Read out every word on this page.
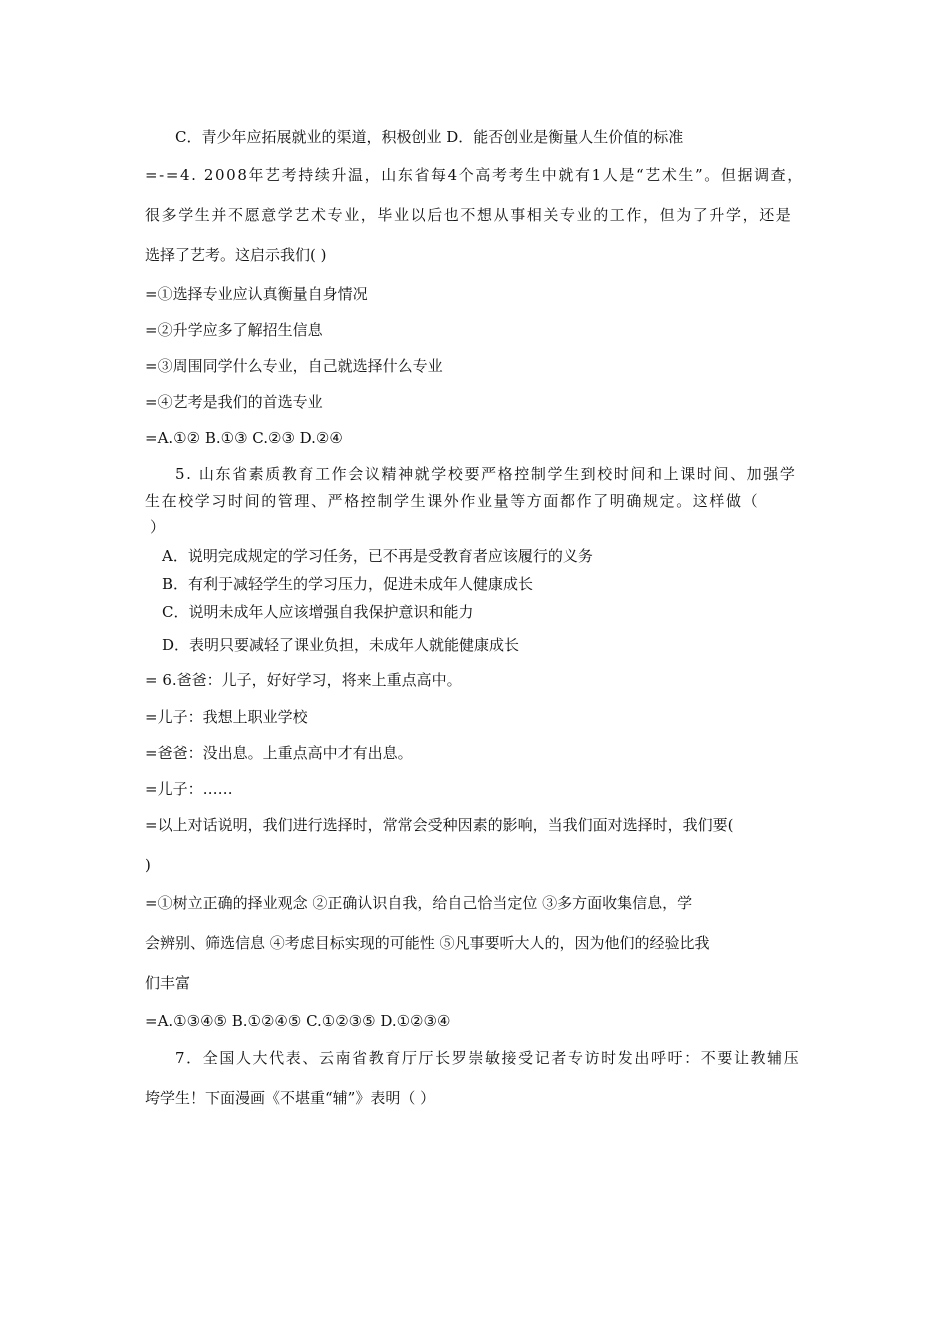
C．青少年应拓展就业的渠道，积极创业 D．能否创业是衡量人生价值的标准
=-=4. 2008年艺考持续升温，山东省每4个高考考生中就有1人是“艺术生”。但据调查，
很多学生并不愿意学艺术专业，毕业以后也不想从事相关专业的工作，但为了升学，还是
选择了艺考。这启示我们( )
=①选择专业应认真衡量自身情况
=②升学应多了解招生信息
=③周围同学什么专业，自己就选择什么专业
=④艺考是我们的首选专业
=A.①② B.①③ C.②③ D.②④
5. 山东省素质教育工作会议精神就学校要严格控制学生到校时间和上课时间、加强学
生在校学习时间的管理、严格控制学生课外作业量等方面都作了明确规定。这样做（
）
A．说明完成规定的学习任务，已不再是受教育者应该履行的义务
B．有利于减轻学生的学习压力，促进未成年人健康成长
C．说明未成年人应该增强自我保护意识和能力
D．表明只要减轻了课业负担，未成年人就能健康成长
= 6.爸爸：儿子，好好学习，将来上重点高中。
=儿子：我想上职业学校
=爸爸：没出息。上重点高中才有出息。
=儿子：……
=以上对话说明，我们进行选择时，常常会受种因素的影响，当我们面对选择时，我们要(
)
=①树立正确的择业观念 ②正确认识自我，给自己恰当定位 ③多方面收集信息，学
会辨别、筛选信息 ④考虑目标实现的可能性 ⑤凡事要听大人的，因为他们的经验比我
们丰富
=A.①③④⑤ B.①②④⑤ C.①②③⑤ D.①②③④
7．全国人大代表、云南省教育厅厅长罗崇敏接受记者专访时发出呼吁：不要让教辅压
垮学生！下面漫画《不堪重“辅”》表明（ ）
